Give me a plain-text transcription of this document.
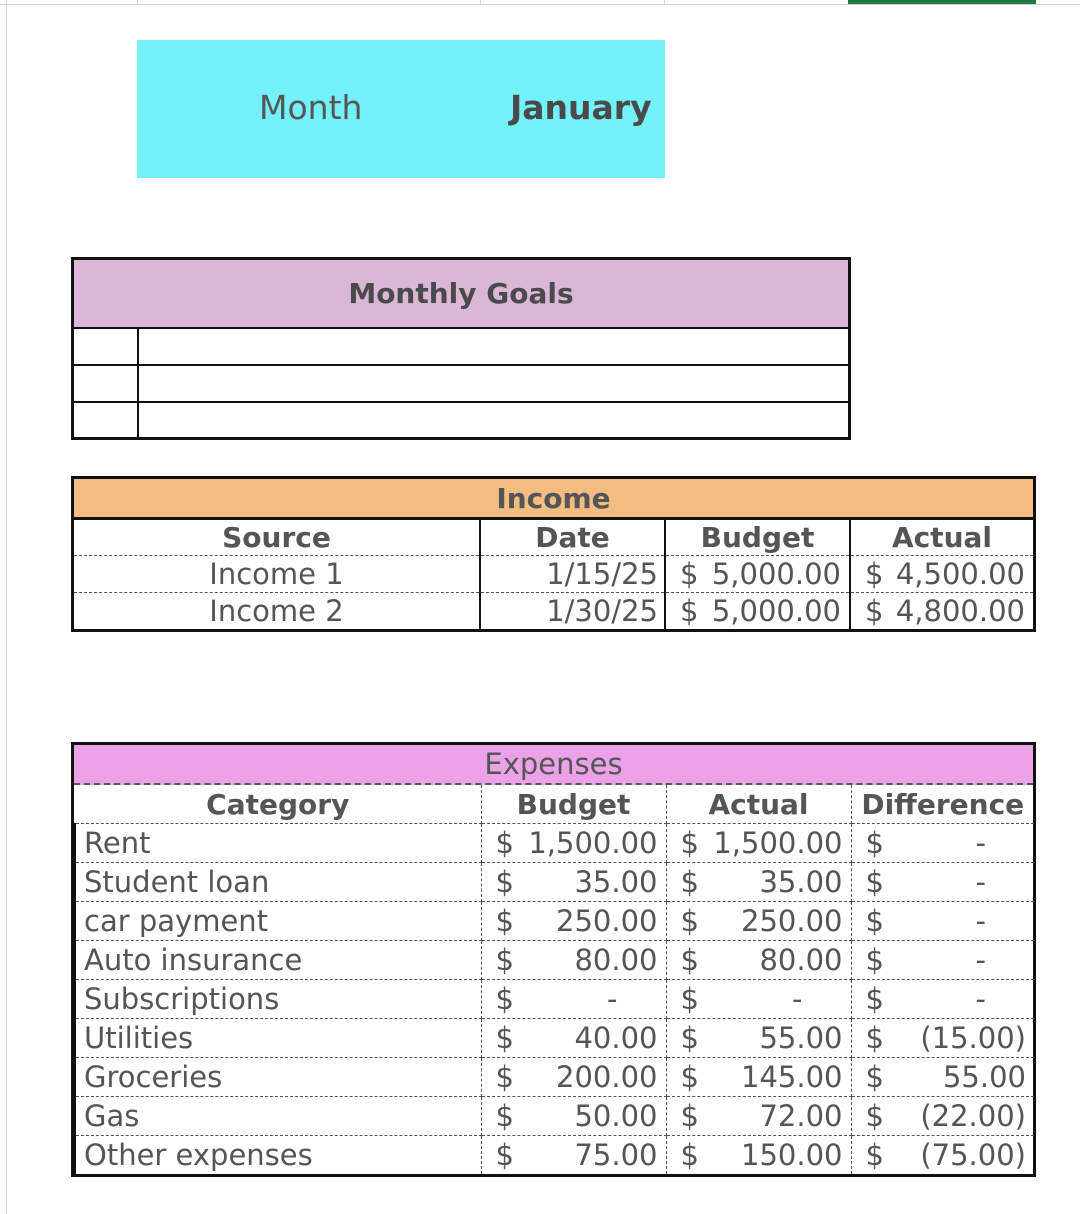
Month	January
Monthly Goals
Income
Source	Date	Budget	Actual
Income 1	1/15/25	$ 5,000.00	$ 4,500.00

Income 2	1/30/25	$ 5,000.00	$ 4,800.00
Expenses
Category	Budget	Actual	Difference
Rent	$ 1,500.00	$ 1,500.00	$ -

Student loan	$ 35.00	$ 35.00	$ -

car payment	$ 250.00	$ 250.00	$ -

Auto insurance	$ 80.00	$ 80.00	$ -

Subscriptions	$ -	$ -	$ -

Utilities	$ 40.00	$ 55.00	$ (15.00)

Groceries	$ 200.00	$ 145.00	$ 55.00

Gas	$ 50.00	$ 72.00	$ (22.00)

Other expenses	$ 75.00	$ 150.00	$ (75.00)
